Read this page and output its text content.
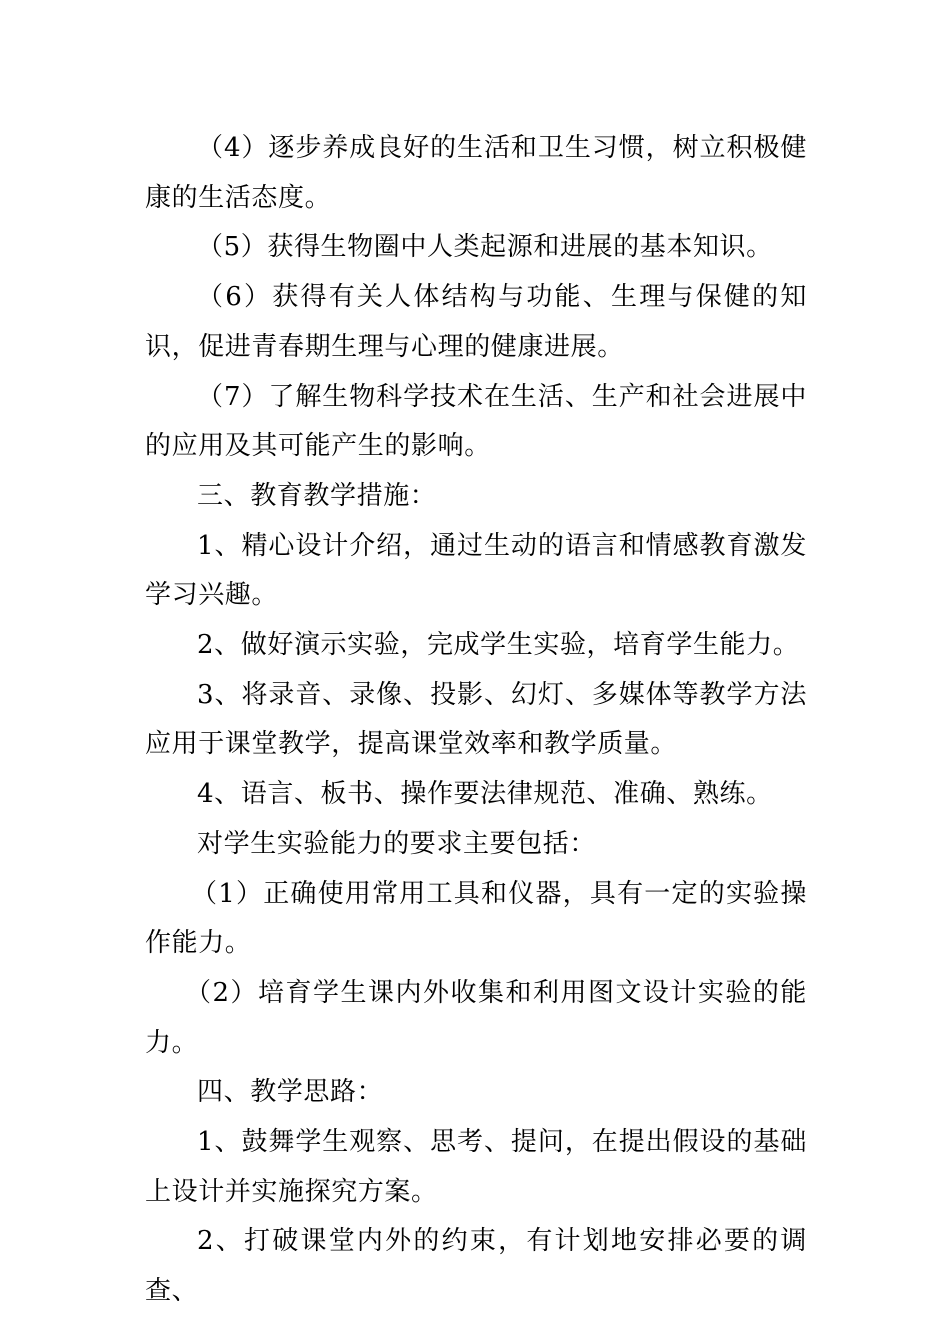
（4）逐步养成良好的生活和卫生习惯，树立积极健康的生活态度。

（5）获得生物圈中人类起源和进展的基本知识。

（6）获得有关人体结构与功能、生理与保健的知识，促进青春期生理与心理的健康进展。

（7）了解生物科学技术在生活、生产和社会进展中的应用及其可能产生的影响。

三、教育教学措施：

1、精心设计介绍，通过生动的语言和情感教育激发学习兴趣。

2、做好演示实验，完成学生实验，培育学生能力。

3、将录音、录像、投影、幻灯、多媒体等教学方法应用于课堂教学，提高课堂效率和教学质量。

4、语言、板书、操作要法律规范、准确、熟练。

对学生实验能力的要求主要包括：

（1）正确使用常用工具和仪器，具有一定的实验操作能力。

（2）培育学生课内外收集和利用图文设计实验的能力。

四、教学思路：

1、鼓舞学生观察、思考、提问，在提出假设的基础上设计并实施探究方案。

2、打破课堂内外的约束，有计划地安排必要的调查、
